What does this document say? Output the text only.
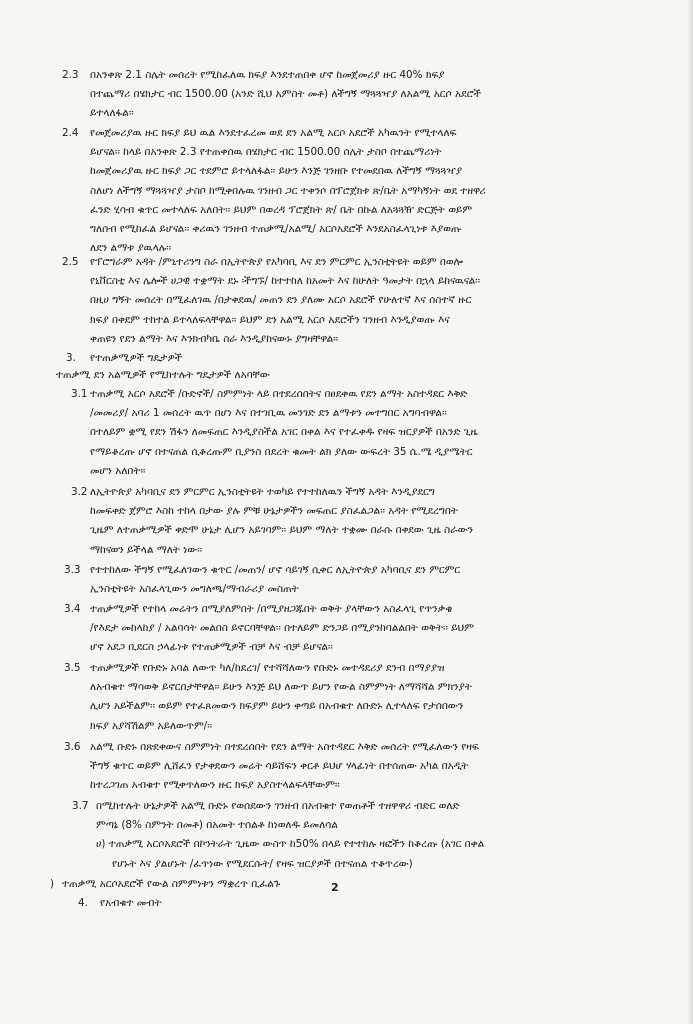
2.3 በአንቀጽ 2.1 ስሌት መሰረት የሚከፈለዉ ክፍያ እንደተጠበቀ ሆኖ ከመጀመሪያ ዙር 40% ክፍያ
በተጨማሪ በሄክታር ብር 1500.00 (አንድ ሺህ አምስት መቶ) ለችግኝ ማጓጓዣያ ለአልሚ አርሶ አደሮች
ይተላለፋል፡፡
2.4 የመጀመሪያዉ ዙር ክፍያ ይህ ዉል እንደተፈረመ ወደ ደን አልሚ አርሶ አደሮች አካዉንት የሚተላለፍ
ይሆናል፡፡ ከላይ በአንቀጽ 2.3 የተጠቀሰዉ በሄክታር ብር 1500.00 ሰሌት ታስቦ በተጨማሪነት
ከመጀመሪያዉ ዙር ክፍያ ጋር ተደምሮ ይተላለፋል፡፡ ይሁን እንጅ ገንዘቡ የተመደበዉ ለችግኝ ማጓጓዣያ
ስለሆነ ለችግኝ ማጓጓዣያ ታስቦ ከሚቀበሉዉ ገንዘብ ጋር ተቀንሶ በፕሮጀክቱ ጽ/ቤት አማካኝነት ወደ ተዘዋሪ
ፈንድ ሂሳብ ቁጥር መተላለፍ አለበት፡፡ ይህም በወረዳ ፕሮጀክት ጽ/ ቤት በኩል ለአጓጓዥ ድርጅት ወይም
ግለሰብ የሚከፈል ይሆናል፡፡ ቀሪዉን ገንዘብ ተጠቃሚ/አልሚ/ አርሶአደሮች እንደአስፈላጊነቱ እያወጡ
ለደን ልማቱ ያዉላሉ፡፡
2.5 የፕሮግራም አዳት /ምኒተሪንግ ስራ በኢትዮጵያ የአካባቢ እና ደን ምርምር ኢንስቲትዩት ወይም በወሎ
የኒቨርስቲ እና ሌሎች ሀጋዊ ተቋማት ደኑ ፡ችግኙ/ ከተተከለ ከአመት እና ከሁለት ዓመታት በኋላ ይከናዉናል፡፡
በዚሀ ግኝት መሰረት በሚፈለገዉ /በታቀደዉ/ መጠን ደን ያለሙ አርሶ አደሮች የሁለተኛ እና ሰስተኛ ዙር
ክፍያ በቀደም ተከተል ይተላለፍላቸዋል፡፡ ይህም ደን አልሚ አርሶ አደሮችን ገንዘብ እንዲያወጡ እና
ቀጠዩን የደን ልማት እና እንክብካቤ ስራ እንዲያከናውኑ ያግዛቸዋል፡፡
3. የተጠቃሚዎች ግዴታዎች
ተጠቃሚ ደን አልሚዎች የሚከተሉት ግዴታዎች ለአባቸው
3.1 ተጠቃሚ አርሶ አደሮች /ቡድኖች/ ስምምነት ላይ በተደረሰበትና በፀደቀዉ የደን ልማት አስተዳደር እቅድ
/መመሪያ/ አባሪ 1 መሰረት ዉጥ በሆነ እና በተገቢዉ መንገድ ደን ልማቱን መተግበር አግባብዋል፡፡
በተለይም ቋሚ የደን ሽፋን ለመፍጠር እንዲያስችል አገር በቀል እና የተፈቀዱ የዛፍ ዝርያዎች በአንድ ጊዜ
የማይቆረጡ ሆኖ በተናጠል ሲቆረጡም ቢያንስ በደረት ቁመት ልክ ያለው ውፍረት 35 ሴ.ሜ ዲያሜትር
መሆን አለበት፡፡
3.2 ለኢትዮጵያ አካባቢና ደን ምርምር ኢንስቲትዩት ተወካይ የተተከለዉን ችግኝ አዳት እንዲያደርግ
ከመፍቀድ ጀምሮ እስከ ተከላ በታው ያሉ ምቹ ሁኔታዎችን መፍጠር ያስፈልጋል፡፡ አዳት የሚደረግበት
ጊዜም ለተጠቃሚዎች ቀድሞ ሁኔታ ሊሆን አይገባም፡፡ ይህም ማለት ተቋሙ በራሱ በቀደው ጊዜ ስራውን
ማከናወን ይችላል ማለት ነው፡፡
3.3 የተተከለው ችግኝ የሚፈለገውን ቁጥር /መጠን/ ሆኖ ሳይገኝ ሲቀር ለኢትዮጵያ አካባቢና ደን ምርምር
ኢንስቲትዩት አስፈላጊውን መግለጫ/ማብራሪያ መስጠት
3.4 ተጠቃሚዎች የተከላ መሬትን በሚያለምበት /በሚያዘጋጁበት ወቅት ያላቸውን አስፈላጊ የጥንቃቄ
/የእደታ መከላከያ / አልባሳት መልበስ ይኖርባቸዋል፡፡ በተለይም ድንጋይ በሚያንከባልልበት ወቅት፡፡ ይህም
ሆኖ አደጋ ቢደርስ ኃላፊነቱ የተጠቃሚዎች ብቻ እና ብቻ ይሆናል፡፡
3.5 ተጠቃሚዎች የቡድኑ አባል ለውጥ ካለ/ከደረገ/ የተሻሻለውን የቡድኑ መተዳደሪያ ደንብ በማያያዝ
ለአብቁተ ማሳወቅ ይኖርበታቸዋል፡፡ ይሁን እንጅ ይህ ለውጥ ይሆን የውል ስምምነት ለማሻሻል ምክንያት
ሊሆን አይችልም፡፡ ወይም የተፈጸመውን ክፍያም ይሁን ቀጣይ በአብቁተ ለቡድኑ ሊተላለፍ የታሰበውን
ክፍያ አያሻሽልም አይለውጥም/፡፡
3.6 አልሚ ቡድኑ በጽደቀውና ስምምነት በተደረሰበት የደን ልማት አስተዳደር እቅድ መሰረት የሚፈለውን የዛፍ
ችግኝ ቁጥር ወይም ሊሸፈን የታቀደውን መሬት ሳይሸፍን ቀርቶ ይህሆ ሃላፊነት በተሰጠው አካል በአዲት
ከተረጋገጠ አብቁተ የሚቀጥለውን ዙር ክፍያ አያስተላልፍላቸውም፡፡
3.7 በሚከተሉት ሁኔታዎች አልሚ ቡድኑ የወሰደውን ገንዘብ በአብቁተ የወጠቶች ተዘዋዋሪ ብድር ወለድ
ምጣኔ (8% ስምንት በመቶ) በአመት ተሰልቶ ከነወለዱ ይመለሳል
ሀ) ተጠቃሚ አርሶአደሮች በኮንትራት ጊዜው ውስጥ ከ50% በላይ የተተከሉ ዛፎችን ከቆረጡ (አገር በቀል
የሆኑት እና ያልሆኑት /ፈጥነው የሚደርሱት/ የዛፍ ዝርያዎች በተናጠል ተቆጥረው)
) ተጠቃሚ አርሶአደሮች የውል ስምምነቱን ማቋረጥ ቢፈልጉ
4. የአብቁተ መብት
2
